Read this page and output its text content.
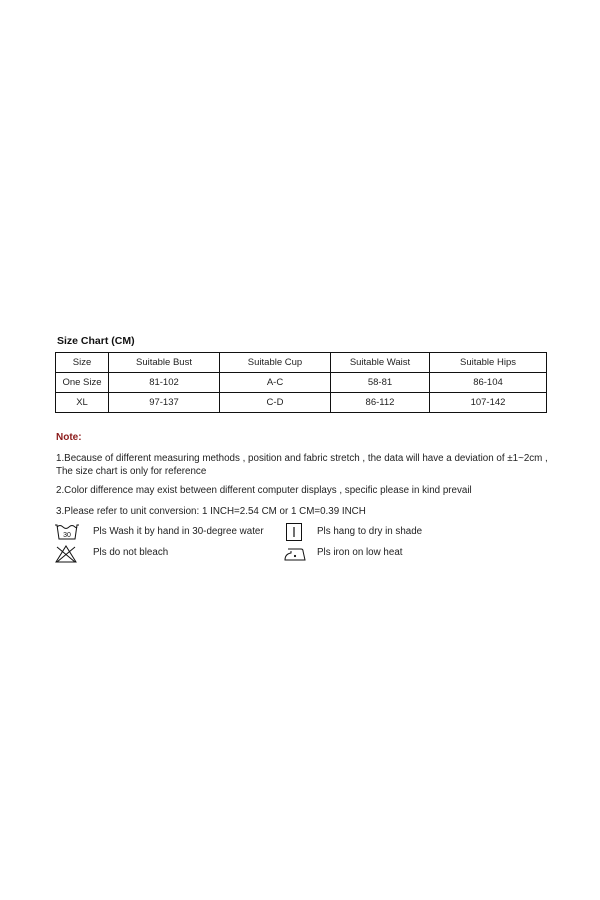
Size Chart (CM)
Size	Suitable Bust	Suitable Cup	Suitable Waist	Suitable Hips
One Size	81-102	A-C	58-81	86-104
XL	97-137	C-D	86-112	107-142
Note:
1.Because of different measuring methods , position and fabric stretch , the data will have a deviation of ±1~2cm , The size chart is only for reference
2.Color difference may exist between different computer displays , specific please in kind prevail
3.Please refer to unit conversion: 1 INCH=2.54 CM or 1 CM=0.39 INCH
30 Pls Wash it by hand in 30-degree water	Pls hang to dry in shade
Pls do not bleach	Pls iron on low heat
